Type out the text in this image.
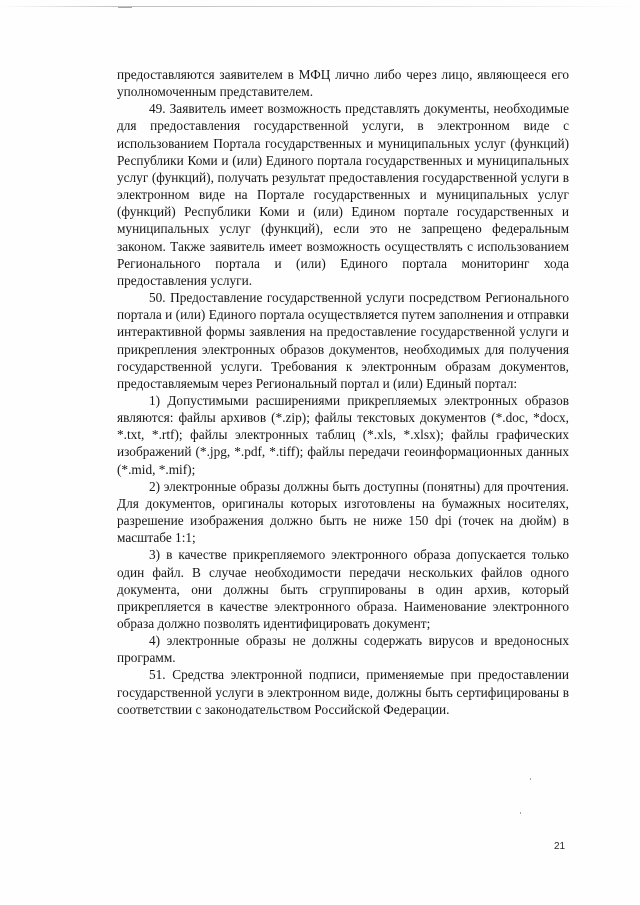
предоставляются заявителем в МФЦ лично либо через лицо, являющееся его уполномоченным представителем.

49. Заявитель имеет возможность представлять документы, необходимые для предоставления государственной услуги, в электронном виде с использованием Портала государственных и муниципальных услуг (функций) Республики Коми и (или) Единого портала государственных и муниципальных услуг (функций), получать результат предоставления государственной услуги в электронном виде на Портале государственных и муниципальных услуг (функций) Республики Коми и (или) Едином портале государственных и муниципальных услуг (функций), если это не запрещено федеральным законом. Также заявитель имеет возможность осуществлять с использованием Регионального портала и (или) Единого портала мониторинг хода предоставления услуги.

50. Предоставление государственной услуги посредством Регионального портала и (или) Единого портала осуществляется путем заполнения и отправки интерактивной формы заявления на предоставление государственной услуги и прикрепления электронных образов документов, необходимых для получения государственной услуги. Требования к электронным образам документов, предоставляемым через Региональный портал и (или) Единый портал:

1) Допустимыми расширениями прикрепляемых электронных образов являются: файлы архивов (*.zip); файлы текстовых документов (*.doc, *docx, *.txt, *.rtf); файлы электронных таблиц (*.xls, *.xlsx); файлы графических изображений (*.jpg, *.pdf, *.tiff); файлы передачи геоинформационных данных (*.mid, *.mif);

2) электронные образы должны быть доступны (понятны) для прочтения. Для документов, оригиналы которых изготовлены на бумажных носителях, разрешение изображения должно быть не ниже 150 dpi (точек на дюйм) в масштабе 1:1;

3) в качестве прикрепляемого электронного образа допускается только один файл. В случае необходимости передачи нескольких файлов одного документа, они должны быть сгруппированы в один архив, который прикрепляется в качестве электронного образа. Наименование электронного образа должно позволять идентифицировать документ;

4) электронные образы не должны содержать вирусов и вредоносных программ.

51. Средства электронной подписи, применяемые при предоставлении государственной услуги в электронном виде, должны быть сертифицированы в соответствии с законодательством Российской Федерации.

21
